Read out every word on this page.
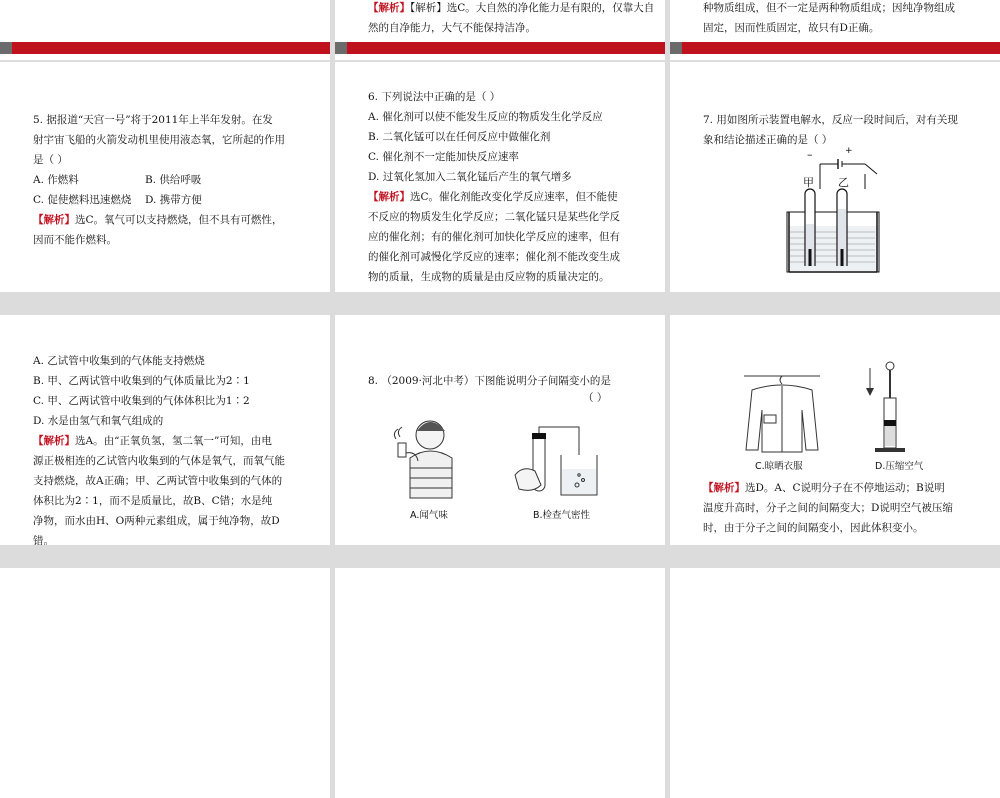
【解析】【解析】选C。大自然的净化能力是有限的，仅靠大自
然的自净能力，大气不能保持洁净。
种物质组成，但不一定是两种物质组成；因纯净物组成
固定，因而性质固定，故只有D正确。
5. 据报道“天宫一号”将于2011年上半年发射。在发
射宇宙飞船的火箭发动机里使用液态氧，它所起的作用
是（ ）
A. 作燃料	B. 供给呼吸
C. 促使燃料迅速燃烧 D. 携带方便
【解析】选C。氧气可以支持燃烧，但不具有可燃性，
因而不能作燃料。
6. 下列说法中正确的是（ ）
A. 催化剂可以使不能发生反应的物质发生化学反应
B. 二氧化锰可以在任何反应中做催化剂
C. 催化剂不一定能加快反应速率
D. 过氧化氢加入二氧化锰后产生的氧气增多
【解析】选C。催化剂能改变化学反应速率，但不能使
不反应的物质发生化学反应；二氧化锰只是某些化学反
应的催化剂；有的催化剂可加快化学反应的速率，但有
的催化剂可减慢化学反应的速率；催化剂不能改变生成
物的质量，生成物的质量是由反应物的质量决定的。
7. 用如图所示装置电解水，反应一段时间后，对有关现
象和结论描述正确的是（ ）
–	+
甲 乙
A. 乙试管中收集到的气体能支持燃烧
B. 甲、乙两试管中收集到的气体质量比为2∶1
C. 甲、乙两试管中收集到的气体体积比为1∶2
D. 水是由氢气和氧气组成的
【解析】选A。由“正氧负氢，氢二氧一”可知，由电
源正极相连的乙试管内收集到的气体是氧气，而氧气能
支持燃烧，故A正确；甲、乙两试管中收集到的气体的
体积比为2∶1，而不是质量比，故B、C错；水是纯
净物，而水由H、O两种元素组成，属于纯净物，故D
错。
8. （2009·河北中考）下图能说明分子间隔变小的是
（ ）
A.闻气味	B.检查气密性
C.晾晒衣服	D.压缩空气
【解析】选D。A、C说明分子在不停地运动；B说明
温度升高时，分子之间的间隔变大；D说明空气被压缩
时，由于分子之间的间隔变小，因此体积变小。
